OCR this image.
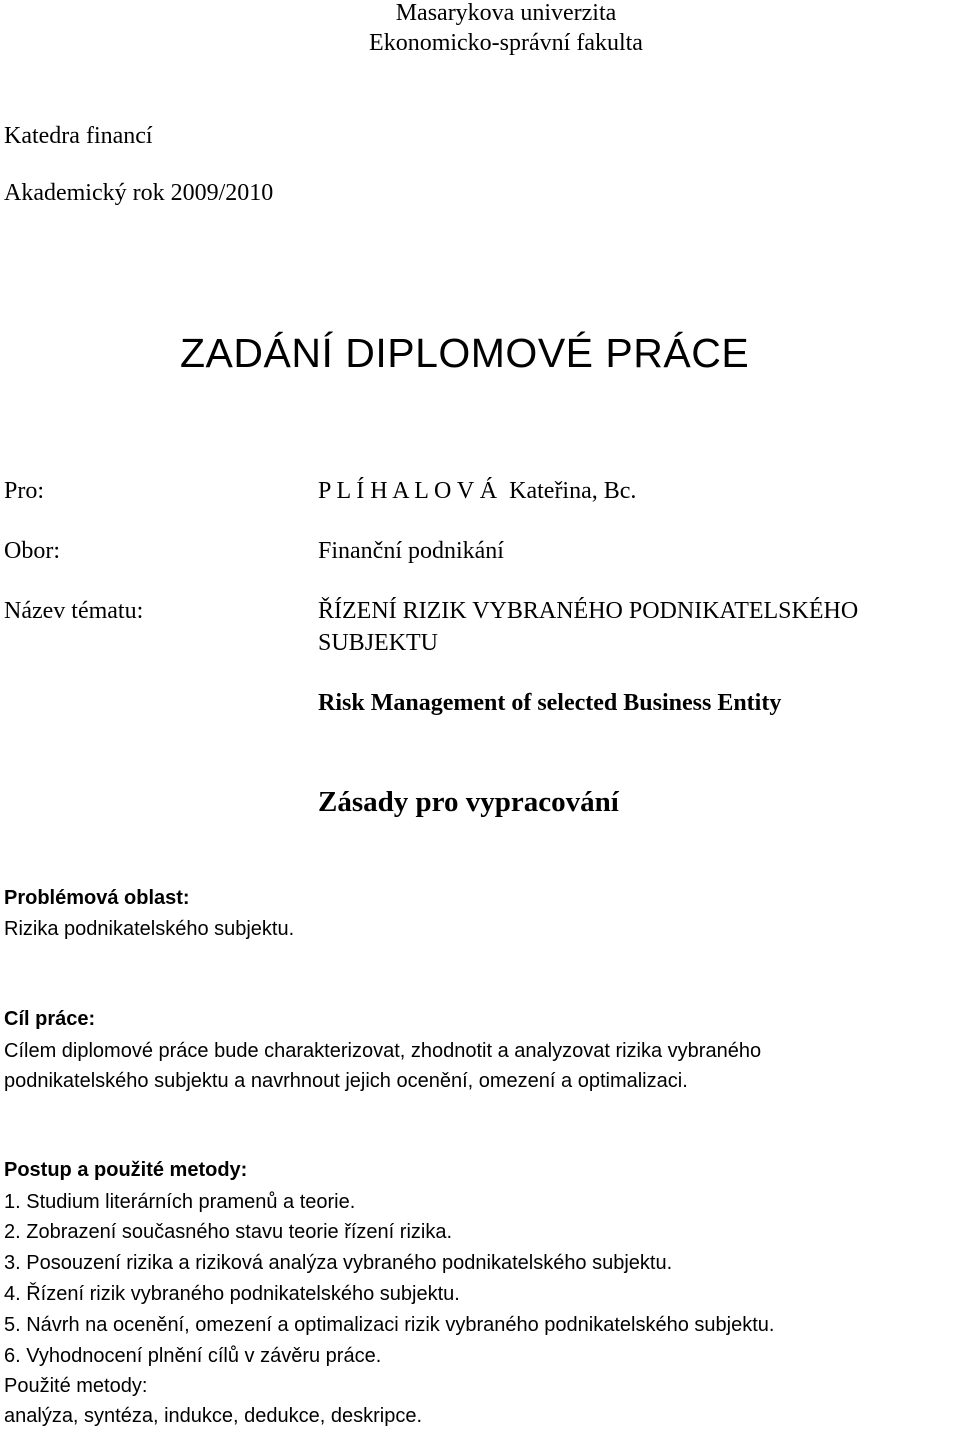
Masarykova univerzita
Ekonomicko-správní fakulta
Katedra financí
Akademický rok 2009/2010
ZADÁNÍ DIPLOMOVÉ PRÁCE
Pro:	P L Í H A L O V Á  Kateřina, Bc.
Obor:	Finanční podnikání
Název tématu:	ŘÍZENÍ RIZIK VYBRANÉHO PODNIKATELSKÉHO
SUBJEKTU
Risk Management of selected Business Entity
Zásady pro vypracování
Problémová oblast:
Rizika podnikatelského subjektu.
Cíl práce:
Cílem diplomové práce bude charakterizovat, zhodnotit a analyzovat rizika vybraného
podnikatelského subjektu a navrhnout jejich ocenění, omezení a optimalizaci.
Postup a použité metody:
1. Studium literárních pramenů a teorie.
2. Zobrazení současného stavu teorie řízení rizika.
3. Posouzení rizika a riziková analýza vybraného podnikatelského subjektu.
4. Řízení rizik vybraného podnikatelského subjektu.
5. Návrh na ocenění, omezení a optimalizaci rizik vybraného podnikatelského subjektu.
6. Vyhodnocení plnění cílů v závěru práce.
Použité metody:
analýza, syntéza, indukce, dedukce, deskripce.
